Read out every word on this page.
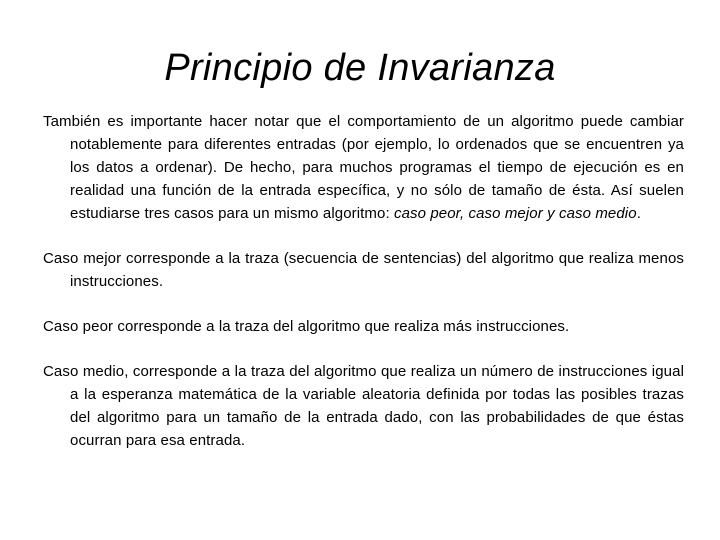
Principio de Invarianza

También es importante hacer notar que el comportamiento de un algoritmo puede cambiar notablemente para diferentes entradas (por ejemplo, lo ordenados que se encuentren ya los datos a ordenar). De hecho, para muchos programas el tiempo de ejecución es en realidad una función de la entrada específica, y no sólo de tamaño de ésta. Así suelen estudiarse tres casos para un mismo algoritmo: caso peor, caso mejor y caso medio.

Caso mejor corresponde a la traza (secuencia de sentencias) del algoritmo que realiza menos instrucciones.

Caso peor corresponde a la traza del algoritmo que realiza más instrucciones.

Caso medio, corresponde a la traza del algoritmo que realiza un número de instrucciones igual a la esperanza matemática de la variable aleatoria definida por todas las posibles trazas del algoritmo para un tamaño de la entrada dado, con las probabilidades de que éstas ocurran para esa entrada.
